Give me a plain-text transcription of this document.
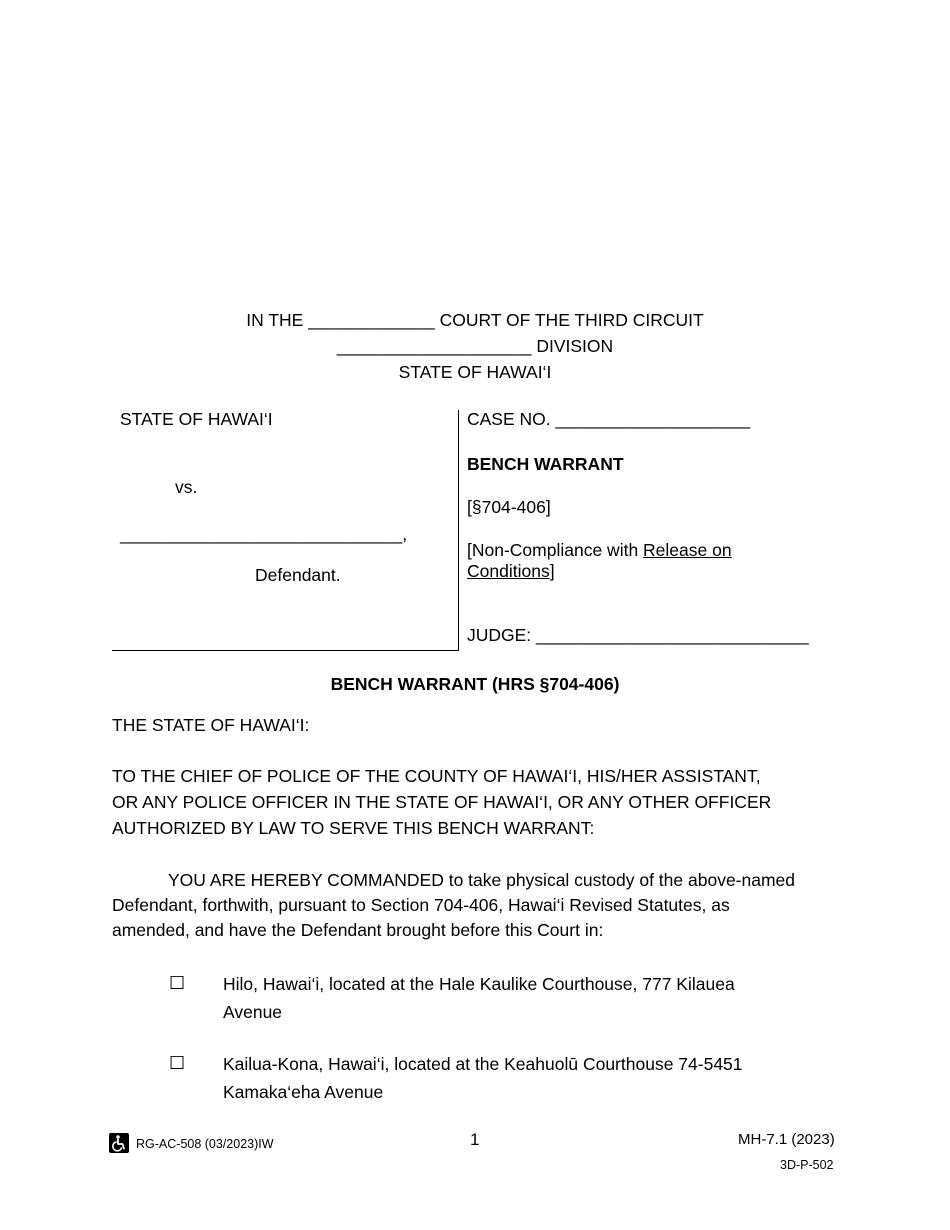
IN THE _____________ COURT OF THE THIRD CIRCUIT
____________________ DIVISION
STATE OF HAWAI‘I
STATE OF HAWAI‘I
vs.
_____________________________,
Defendant.
CASE NO. ____________________
BENCH WARRANT
[§704-406]
[Non-Compliance with Release on
Conditions]
JUDGE: ____________________________
BENCH WARRANT (HRS §704-406)
THE STATE OF HAWAI‘I:
TO THE CHIEF OF POLICE OF THE COUNTY OF HAWAI‘I, HIS/HER ASSISTANT,
OR ANY POLICE OFFICER IN THE STATE OF HAWAI‘I, OR ANY OTHER OFFICER
AUTHORIZED BY LAW TO SERVE THIS BENCH WARRANT:
YOU ARE HEREBY COMMANDED to take physical custody of the above-named
Defendant, forthwith, pursuant to Section 704-406, Hawai‘i Revised Statutes, as
amended, and have the Defendant brought before this Court in:
☐ Hilo, Hawai‘i, located at the Hale Kaulike Courthouse, 777 Kilauea
Avenue
☐ Kailua-Kona, Hawai‘i, located at the Keahuolū Courthouse 74-5451
Kamaka‘eha Avenue
RG-AC-508 (03/2023)IW	1	MH-7.1 (2023)
3D-P-502
